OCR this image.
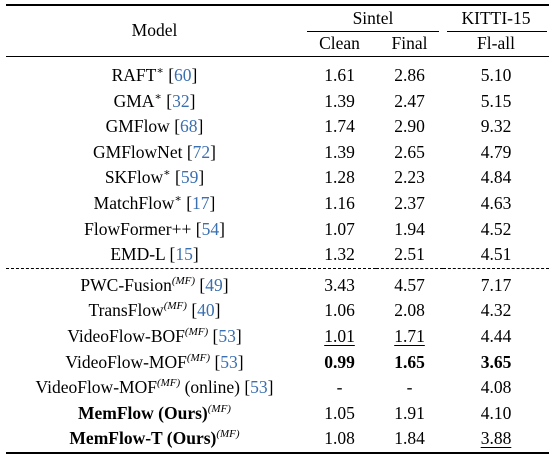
Model	Sintel		KITTI-15
	Clean	Final	Fl-all
RAFT∗ [60]	1.61	2.86	5.10
GMA∗ [32]	1.39	2.47	5.15
GMFlow [68]	1.74	2.90	9.32
GMFlowNet [72]	1.39	2.65	4.79
SKFlow∗ [59]	1.28	2.23	4.84
MatchFlow∗ [17]	1.16	2.37	4.63
FlowFormer++ [54]	1.07	1.94	4.52
EMD-L [15]	1.32	2.51	4.51
PWC-Fusion$^{(MF)}$ [49]	3.43	4.57	7.17
TransFlow$^{(MF)}$ [40]	1.06	2.08	4.32
VideoFlow-$BOF^{(MF)}$ [53]	1.01	1.71	4.44
VideoFlow-$MOF^{(MF)}$ [53]	0.99	1.65	3.65
VideoFlow-$MOF^{(MF)}$ (online) [53]	-	-	4.08
MemFlow (Ours)$^{(MF)}$	1.05	1.91	4.10
MemFlow-T (Ours)$^{(MF)}$	1.08	1.84	3.88
